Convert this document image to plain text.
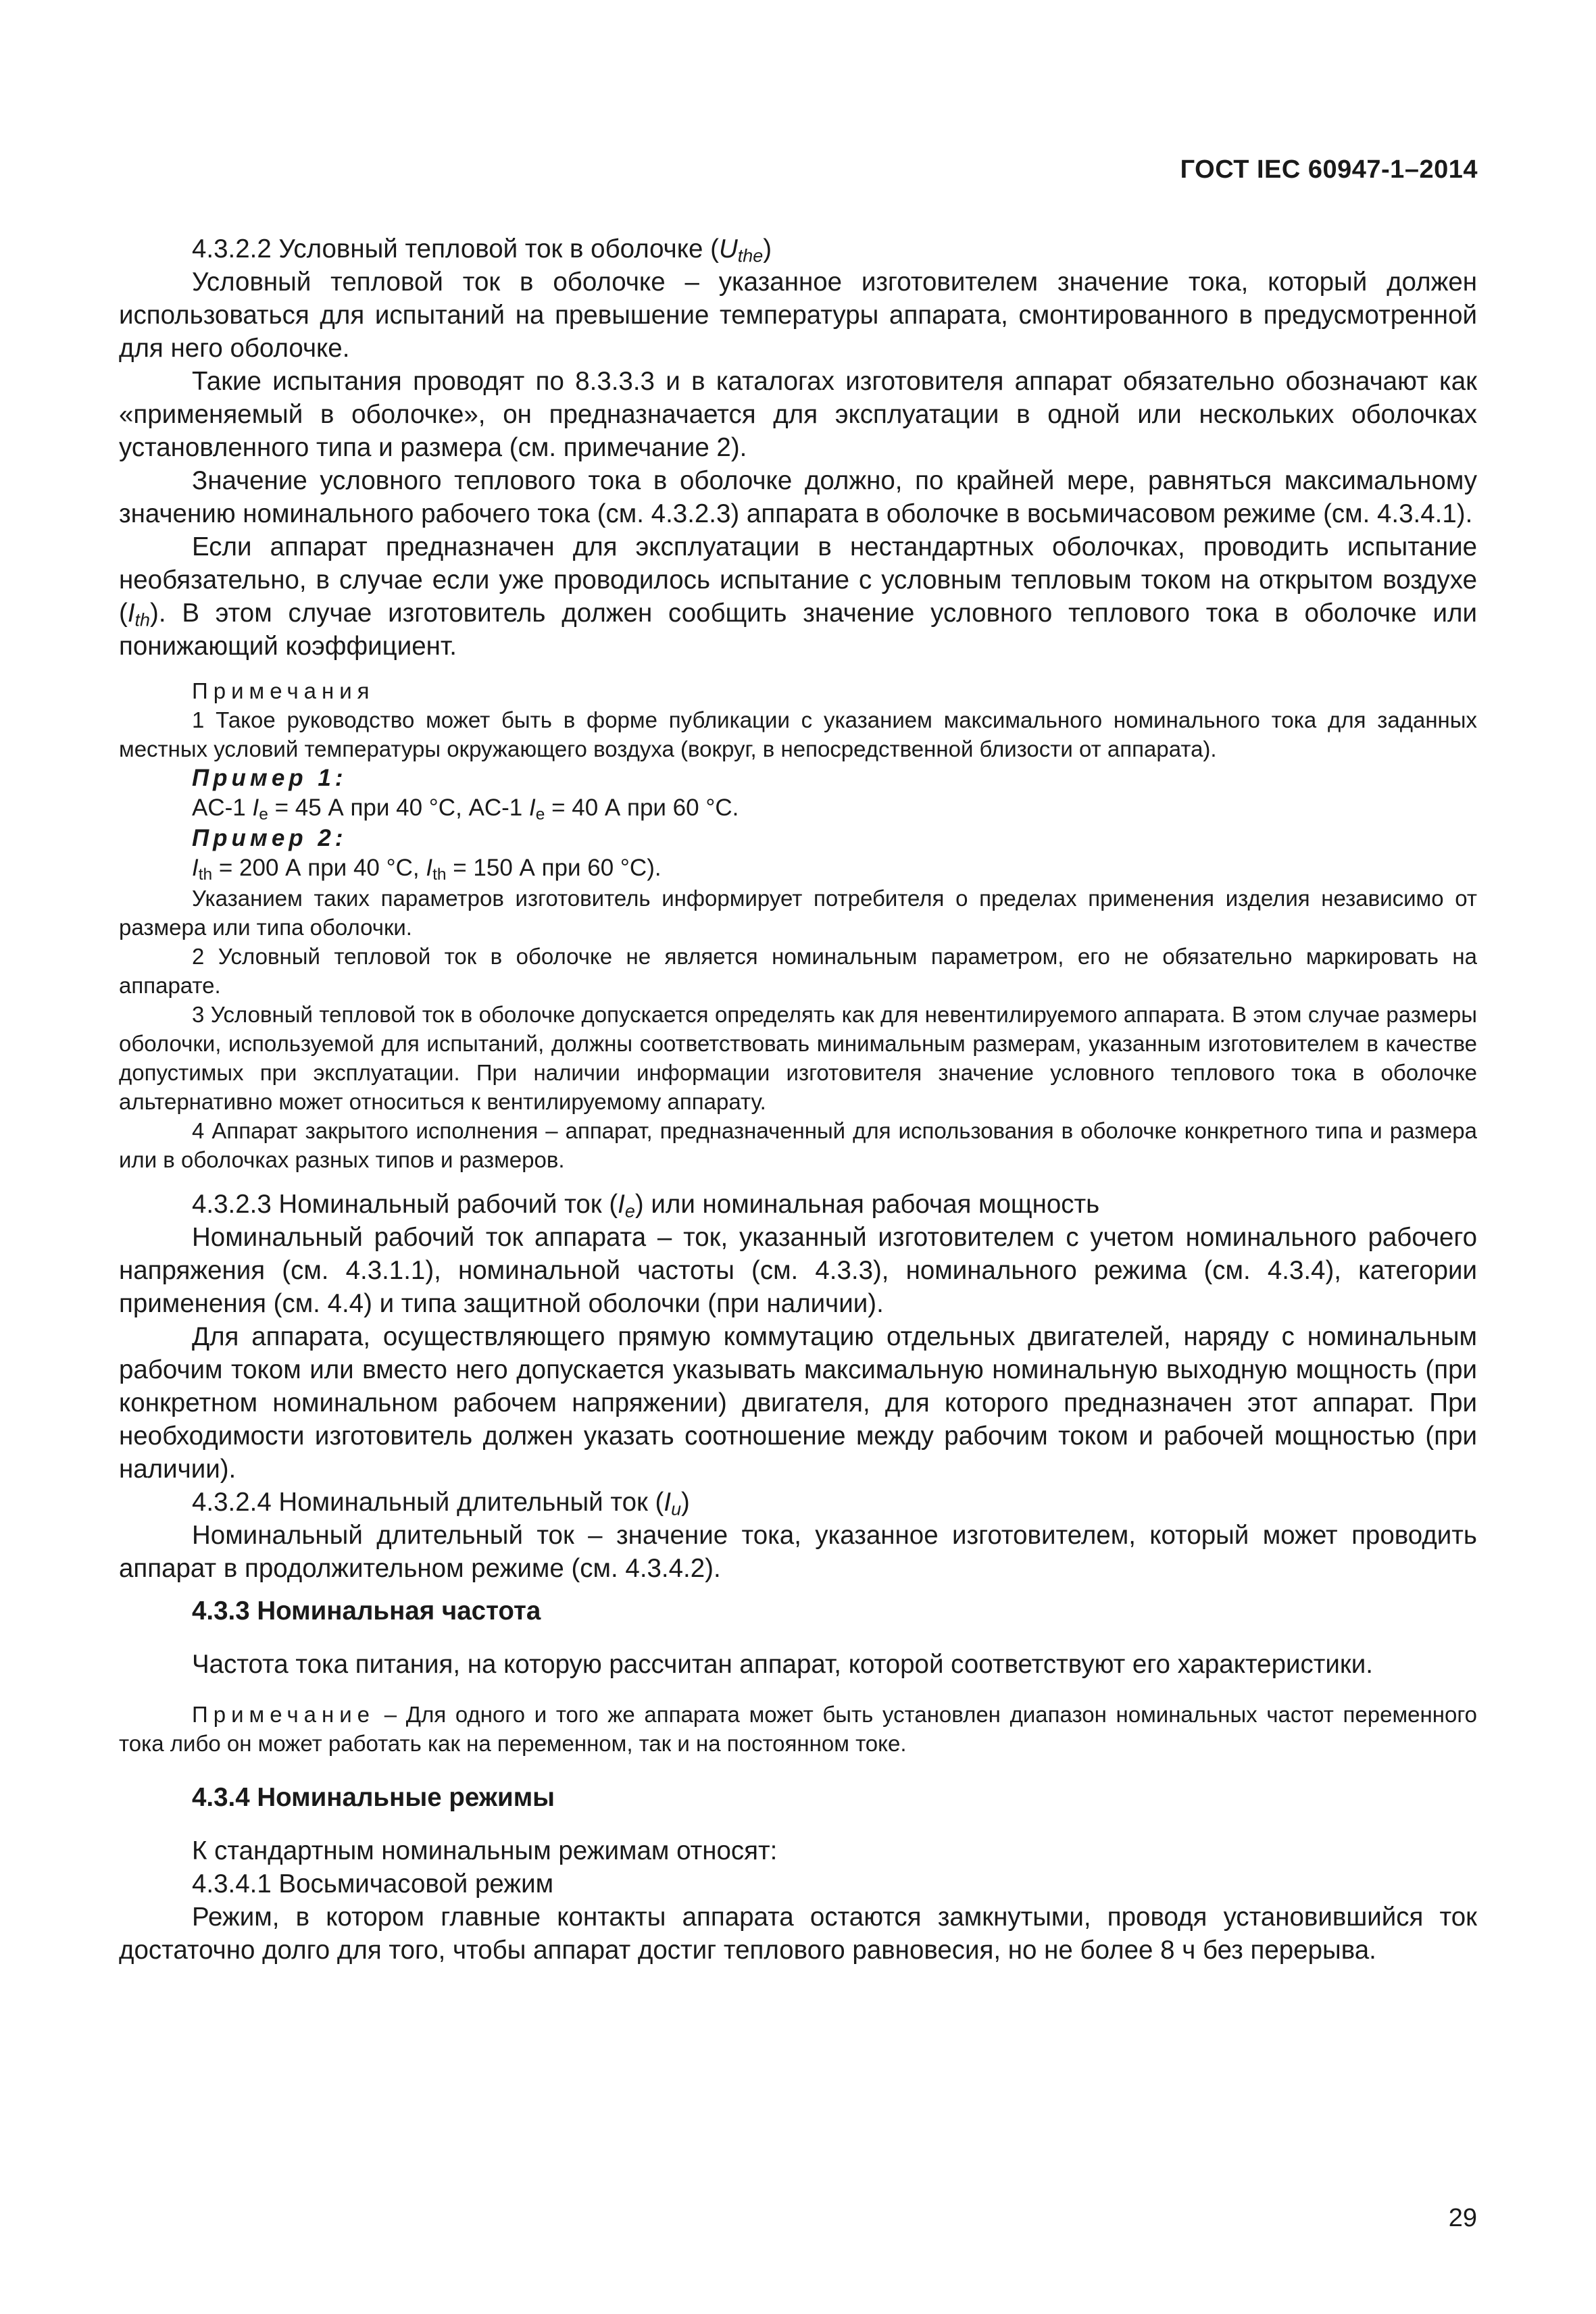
ГОСТ IEC 60947-1–2014

4.3.2.2 Условный тепловой ток в оболочке $(U_{the})$

Условный тепловой ток в оболочке – указанное изготовителем значение тока, который должен использоваться для испытаний на превышение температуры аппарата, смонтированного в предусмотренной для него оболочке.

Такие испытания проводят по 8.3.3.3 и в каталогах изготовителя аппарат обязательно обозначают как «применяемый в оболочке», он предназначается для эксплуатации в одной или нескольких оболочках установленного типа и размера (см. примечание 2).

Значение условного теплового тока в оболочке должно, по крайней мере, равняться максимальному значению номинального рабочего тока (см. 4.3.2.3) аппарата в оболочке в восьмичасовом режиме (см. 4.3.4.1).

Если аппарат предназначен для эксплуатации в нестандартных оболочках, проводить испытание необязательно, в случае если уже проводилось испытание с условным тепловым током на открытом воздухе $(I_{th})$. В этом случае изготовитель должен сообщить значение условного теплового тока в оболочке или понижающий коэффициент.

Примечания

1 Такое руководство может быть в форме публикации с указанием максимального номинального тока для заданных местных условий температуры окружающего воздуха (вокруг, в непосредственной близости от аппарата).

Пример 1:

AC-1 $I_e = 45$ А при 40 °С, AC-1 $I_e = 40$ А при 60 °С.

Пример 2:

$I_{th} = 200$ А при 40 °С, $I_{th} = 150$ А при 60 °С).

Указанием таких параметров изготовитель информирует потребителя о пределах применения изделия независимо от размера или типа оболочки.

2 Условный тепловой ток в оболочке не является номинальным параметром, его не обязательно маркировать на аппарате.

3 Условный тепловой ток в оболочке допускается определять как для невентилируемого аппарата. В этом случае размеры оболочки, используемой для испытаний, должны соответствовать минимальным размерам, указанным изготовителем в качестве допустимых при эксплуатации. При наличии информации изготовителя значение условного теплового тока в оболочке альтернативно может относиться к вентилируемому аппарату.

4 Аппарат закрытого исполнения – аппарат, предназначенный для использования в оболочке конкретного типа и размера или в оболочках разных типов и размеров.

4.3.2.3 Номинальный рабочий ток $(I_e)$ или номинальная рабочая мощность

Номинальный рабочий ток аппарата – ток, указанный изготовителем с учетом номинального рабочего напряжения (см. 4.3.1.1), номинальной частоты (см. 4.3.3), номинального режима (см. 4.3.4), категории применения (см. 4.4) и типа защитной оболочки (при наличии).

Для аппарата, осуществляющего прямую коммутацию отдельных двигателей, наряду с номинальным рабочим током или вместо него допускается указывать максимальную номинальную выходную мощность (при конкретном номинальном рабочем напряжении) двигателя, для которого предназначен этот аппарат. При необходимости изготовитель должен указать соотношение между рабочим током и рабочей мощностью (при наличии).

4.3.2.4 Номинальный длительный ток $(I_u)$

Номинальный длительный ток – значение тока, указанное изготовителем, который может проводить аппарат в продолжительном режиме (см. 4.3.4.2).

4.3.3 Номинальная частота

Частота тока питания, на которую рассчитан аппарат, которой соответствуют его характеристики.

Примечание – Для одного и того же аппарата может быть установлен диапазон номинальных частот переменного тока либо он может работать как на переменном, так и на постоянном токе.

4.3.4 Номинальные режимы

К стандартным номинальным режимам относят:

4.3.4.1 Восьмичасовой режим

Режим, в котором главные контакты аппарата остаются замкнутыми, проводя установившийся ток достаточно долго для того, чтобы аппарат достиг теплового равновесия, но не более 8 ч без перерыва.

29
